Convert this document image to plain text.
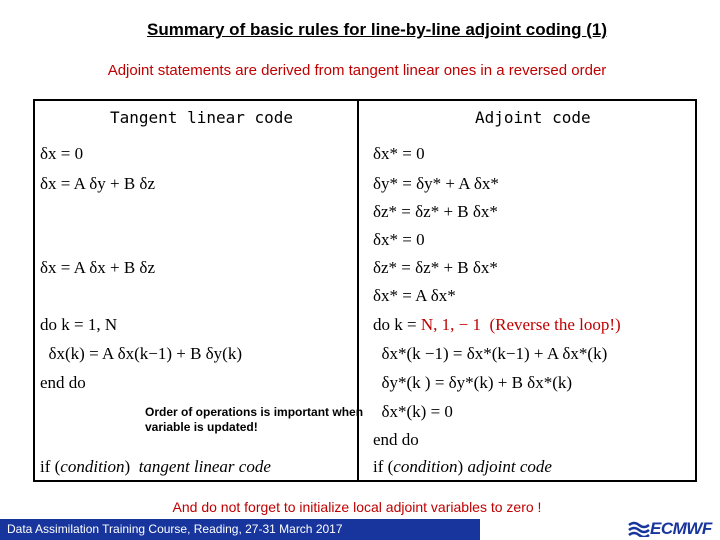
Summary of basic rules for line-by-line adjoint coding (1)
Adjoint statements are derived from tangent linear ones in a reversed order
Tangent linear code	Adjoint code
δx = 0
δx = A δy + B δz
δx = A δx + B δz
do k = 1, N
δx(k) = A δx(k−1) + B δy(k)
end do
if (condition)  tangent linear code
δx* = 0
δy* = δy* + A δx*
δz* = δz* + B δx*
δx* = 0
δz* = δz* + B δx*
δx* = A δx*
do k = N, 1, − 1  (Reverse the loop!)
δx*(k −1) = δx*(k−1) + A δx*(k)
δy*(k ) = δy*(k) + B δx*(k)
δx*(k) = 0
end do
if (condition) adjoint code
Order of operations is important when variable is updated!
And do not forget to initialize local adjoint variables to zero !
Data Assimilation Training Course, Reading, 27-31 March 2017	ECMWF
